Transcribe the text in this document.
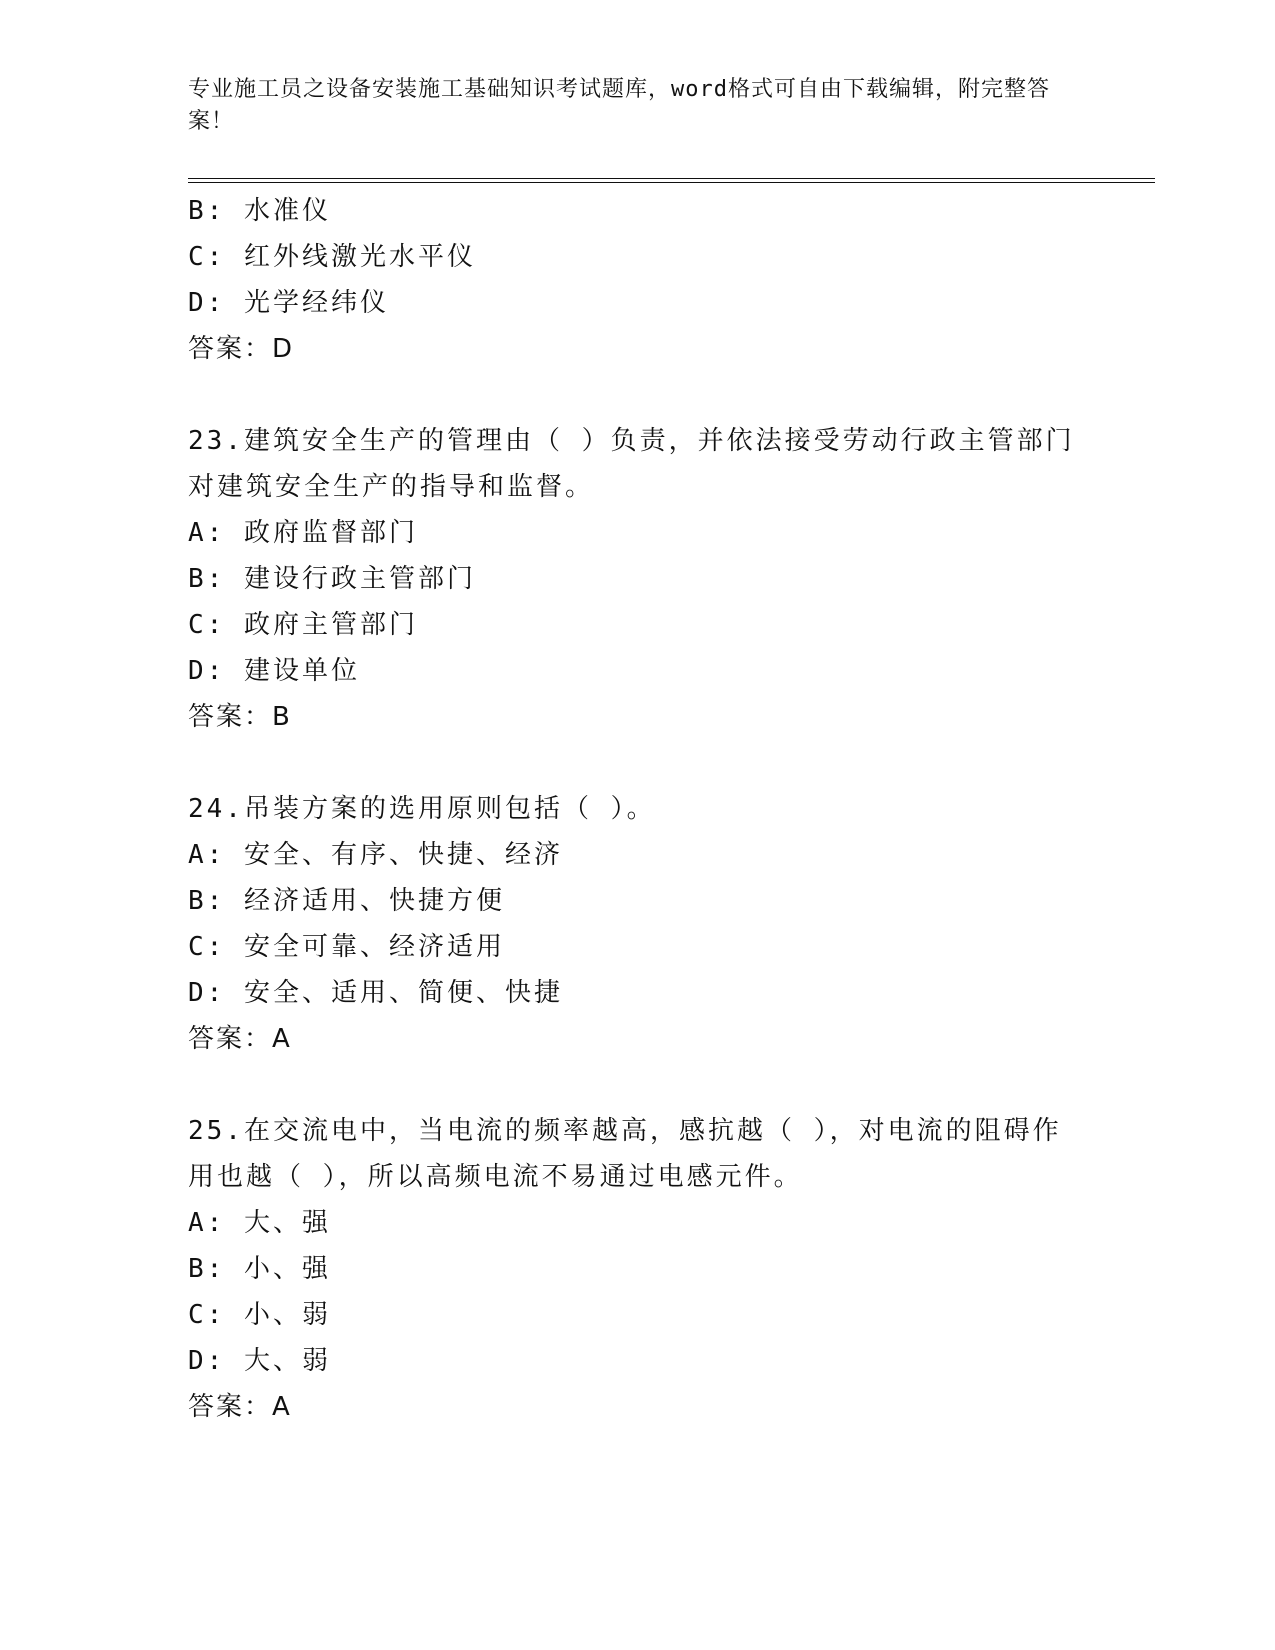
专业施工员之设备安装施工基础知识考试题库，word格式可自由下载编辑，附完整答案！
B: 水准仪
C: 红外线激光水平仪
D: 光学经纬仪
答案：D
23.建筑安全生产的管理由（ ）负责，并依法接受劳动行政主管部门
对建筑安全生产的指导和监督。
A: 政府监督部门
B: 建设行政主管部门
C: 政府主管部门
D: 建设单位
答案：B
24.吊装方案的选用原则包括（ ）。
A: 安全、有序、快捷、经济
B: 经济适用、快捷方便
C: 安全可靠、经济适用
D: 安全、适用、简便、快捷
答案：A
25.在交流电中，当电流的频率越高，感抗越（ ），对电流的阻碍作
用也越（ ），所以高频电流不易通过电感元件。
A: 大、强
B: 小、强
C: 小、弱
D: 大、弱
答案：A
